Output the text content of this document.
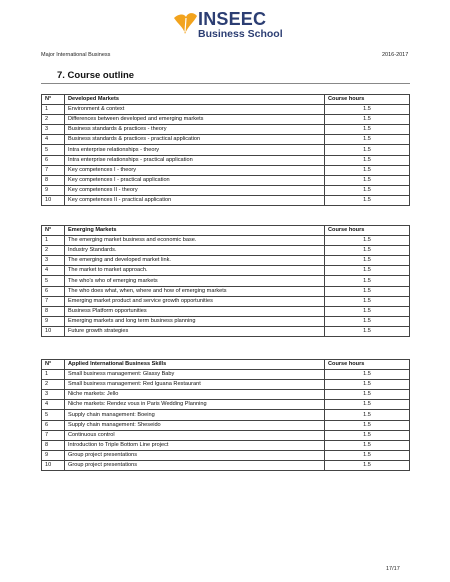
INSEEC
Business School
Major International Business	2016-2017
7. Course outline
N°	Developed Markets	Course hours
1	Environment & context	1.5
2	Differences between developed and emerging markets	1.5
3	Business standards & practices - theory	1.5
4	Business standards & practices - practical application	1.5
5	Intra enterprise relationships - theory	1.5
6	Intra enterprise relationships - practical application	1.5
7	Key competences I - theory	1.5
8	Key competences I - practical application	1.5
9	Key competences II - theory	1.5
10	Key competences II - practical application	1.5
N°	Emerging Markets	Course hours
1	The emerging market business and economic base.	1.5
2	Industry Standards.	1.5
3	The emerging and developed market link.	1.5
4	The market to market approach.	1.5
5	The who's who of emerging markets	1.5
6	The who does what, when, where and how of emerging markets	1.5
7	Emerging market product and service growth opportunities	1.5
8	Business Platform opportunities	1.5
9	Emerging markets and long term business planning	1.5
10	Future growth strategies	1.5
N°	Applied International Business Skills	Course hours
1	Small business management: Glassy Baby	1.5
2	Small business management: Red Iguana Restaurant	1.5
3	Niche markets: Jello	1.5
4	Niche markets: Rendez vous in Paris Wedding Planning	1.5
5	Supply chain management: Boeing	1.5
6	Supply chain management: Sheseido	1.5
7	Continuous control	1.5
8	Introduction to Triple Bottom Line project	1.5
9	Group project presentations	1.5
10	Group project presentations	1.5
17/17
